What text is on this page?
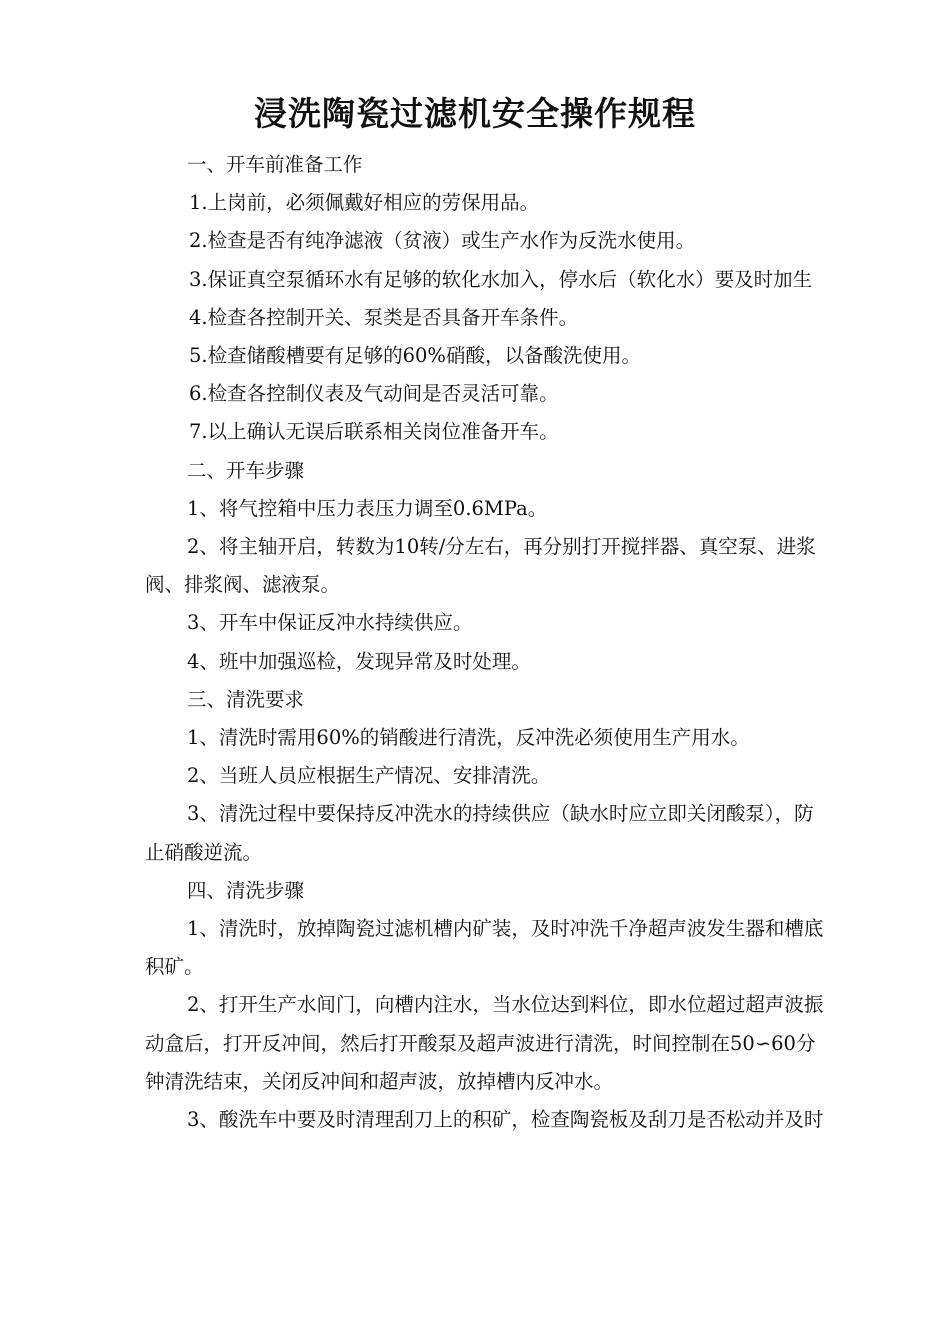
浸洗陶瓷过滤机安全操作规程

一、开车前准备工作

1.上岗前，必须佩戴好相应的劳保用品。

2.检查是否有纯净滤液（贫液）或生产水作为反洗水使用。

3.保证真空泵循环水有足够的软化水加入，停水后（软化水）要及时加生

4.检查各控制开关、泵类是否具备开车条件。

5.检查储酸槽要有足够的60%硝酸，以备酸洗使用。

6.检查各控制仪表及气动间是否灵活可靠。

7.以上确认无误后联系相关岗位准备开车。

二、开车步骤

1、将气控箱中压力表压力调至0.6MPa。

2、将主轴开启，转数为10转/分左右，再分别打开搅拌器、真空泵、进浆阀、排浆阀、滤液泵。

3、开车中保证反冲水持续供应。

4、班中加强巡检，发现异常及时处理。

三、清洗要求

1、清洗时需用60%的销酸进行清洗，反冲洗必须使用生产用水。

2、当班人员应根据生产情况、安排清洗。

3、清洗过程中要保持反冲洗水的持续供应（缺水时应立即关闭酸泵），防止硝酸逆流。

四、清洗步骤

1、清洗时，放掉陶瓷过滤机槽内矿装，及时冲洗千净超声波发生器和槽底 积矿。

2、打开生产水间门，向槽内注水，当水位达到料位，即水位超过超声波振 动盒后，打开反冲间，然后打开酸泵及超声波进行清洗，时间控制在50∽60分 钟清洗结束，关闭反冲间和超声波，放掉槽内反冲水。

3、酸洗车中要及时清理刮刀上的积矿，检查陶瓷板及刮刀是否松动并及时
